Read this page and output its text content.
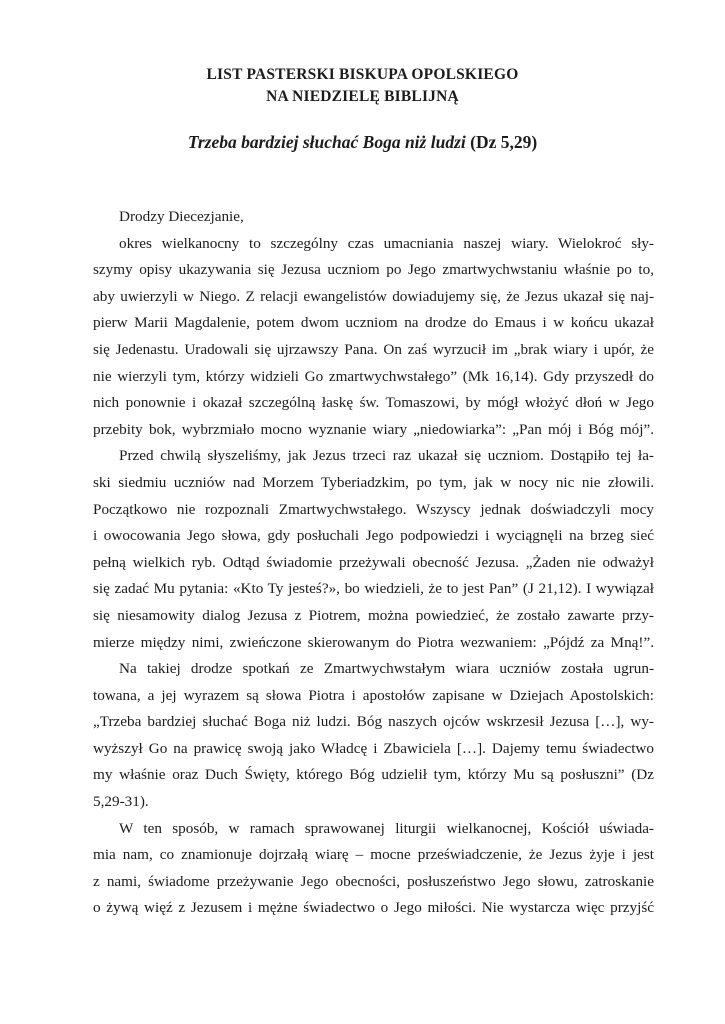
LIST PASTERSKI BISKUPA OPOLSKIEGO
NA NIEDZIELĘ BIBLIJNĄ
Trzeba bardziej słuchać Boga niż ludzi (Dz 5,29)
Drodzy Diecezjanie,
okres wielkanocny to szczególny czas umacniania naszej wiary. Wielokroć sły-
szymy opisy ukazywania się Jezusa uczniom po Jego zmartwychwstaniu właśnie po to,
aby uwierzyli w Niego. Z relacji ewangelistów dowiadujemy się, że Jezus ukazał się naj-
pierw Marii Magdalenie, potem dwom uczniom na drodze do Emaus i w końcu ukazał
się Jedenastu. Uradowali się ujrzawszy Pana. On zaś wyrzucił im „brak wiary i upór, że
nie wierzyli tym, którzy widzieli Go zmartwychwstałego” (Mk 16,14). Gdy przyszedł do
nich ponownie i okazał szczególną łaskę św. Tomaszowi, by mógł włożyć dłoń w Jego
przebity bok, wybrzmiało mocno wyznanie wiary „niedowiarka”: „Pan mój i Bóg mój”.
Przed chwilą słyszeliśmy, jak Jezus trzeci raz ukazał się uczniom. Dostąpiło tej ła-
ski siedmiu uczniów nad Morzem Tyberiadzkim, po tym, jak w nocy nic nie złowili.
Początkowo nie rozpoznali Zmartwychwstałego. Wszyscy jednak doświadczyli mocy
i owocowania Jego słowa, gdy posłuchali Jego podpowiedzi i wyciągnęli na brzeg sieć
pełną wielkich ryb. Odtąd świadomie przeżywali obecność Jezusa. „Żaden nie odważył
się zadać Mu pytania: «Kto Ty jesteś?», bo wiedzieli, że to jest Pan” (J 21,12). I wywiązał
się niesamowity dialog Jezusa z Piotrem, można powiedzieć, że zostało zawarte przy-
mierze między nimi, zwieńczone skierowanym do Piotra wezwaniem: „Pójdź za Mną!”.
Na takiej drodze spotkań ze Zmartwychwstałym wiara uczniów została ugrun-
towana, a jej wyrazem są słowa Piotra i apostołów zapisane w Dziejach Apostolskich:
„Trzeba bardziej słuchać Boga niż ludzi. Bóg naszych ojców wskrzesił Jezusa […], wy-
wyższył Go na prawicę swoją jako Władcę i Zbawiciela […]. Dajemy temu świadectwo
my właśnie oraz Duch Święty, którego Bóg udzielił tym, którzy Mu są posłuszni” (Dz
5,29-31).
W ten sposób, w ramach sprawowanej liturgii wielkanocnej, Kościół uświada-
mia nam, co znamionuje dojrzałą wiarę – mocne przeświadczenie, że Jezus żyje i jest
z nami, świadome przeżywanie Jego obecności, posłuszeństwo Jego słowu, zatroskanie
o żywą więź z Jezusem i mężne świadectwo o Jego miłości. Nie wystarcza więc przyjść
